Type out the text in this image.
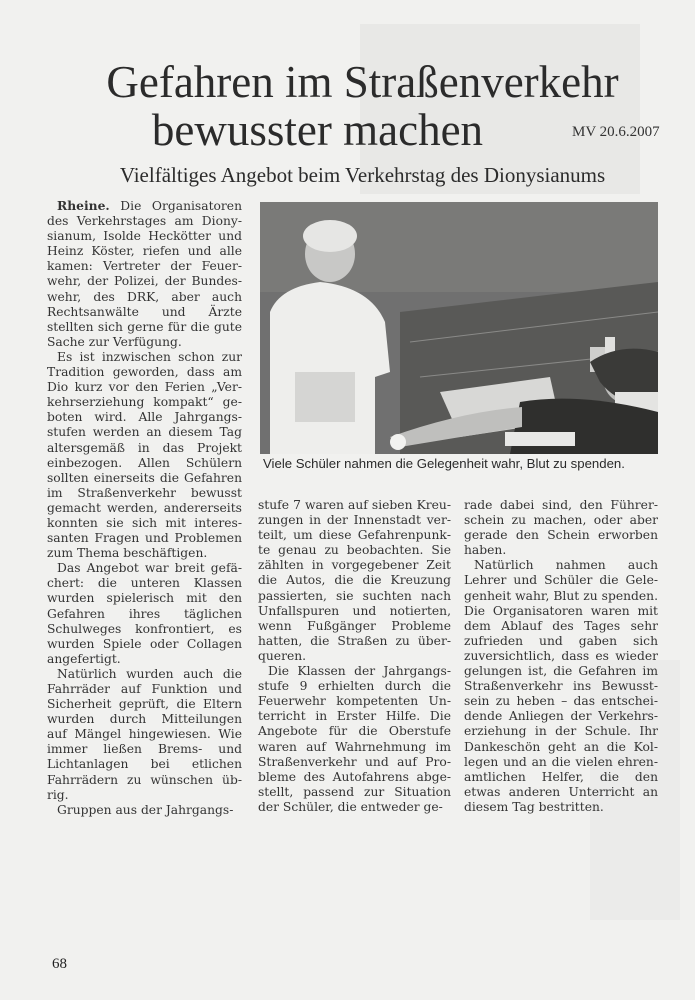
Gefahren im Straßenverkehr
bewusster machen	MV 20.6.2007
Vielfältiges Angebot beim Verkehrstag des Dionysianums

Rheine. Die Organisatoren des Verkehrstages am Dionysianum, Isolde Heckötter und Heinz Köster, riefen und alle kamen: Vertreter der Feuerwehr, der Polizei, der Bundeswehr, des DRK, aber auch Rechtsanwälte und Ärzte stellten sich gerne für die gute Sache zur Verfügung.

Es ist inzwischen schon zur Tradition geworden, dass am Dio kurz vor den Ferien „Verkehrserziehung kompakt“ geboten wird. Alle Jahrgangsstufen werden an diesem Tag altersgemäß in das Projekt einbezogen. Allen Schülern sollten einerseits die Gefahren im Straßenverkehr bewusst gemacht werden, andererseits konnten sie sich mit interessanten Fragen und Problemen zum Thema beschäftigen.

Das Angebot war breit gefächert: die unteren Klassen wurden spielerisch mit den Gefahren ihres täglichen Schulweges konfrontiert, es wurden Spiele oder Collagen angefertigt.

Natürlich wurden auch die Fahrräder auf Funktion und Sicherheit geprüft, die Eltern wurden durch Mitteilungen auf Mängel hingewiesen. Wie immer ließen Brems- und Lichtanlagen bei etlichen Fahrrädern zu wünschen übrig.

Gruppen aus der Jahrgangs-

Viele Schüler nahmen die Gelegenheit wahr, Blut zu spenden.

stufe 7 waren auf sieben Kreuzungen in der Innenstadt verteilt, um diese Gefahrenpunkte genau zu beobachten. Sie zählten in vorgegebener Zeit die Autos, die die Kreuzung passierten, sie suchten nach Unfallspuren und notierten, wenn Fußgänger Probleme hatten, die Straßen zu überqueren.

Die Klassen der Jahrgangsstufe 9 erhielten durch die Feuerwehr kompetenten Unterricht in Erster Hilfe. Die Angebote für die Oberstufe waren auf Wahrnehmung im Straßenverkehr und auf Probleme des Autofahrens abgestellt, passend zur Situation der Schüler, die entweder ge-

rade dabei sind, den Führerschein zu machen, oder aber gerade den Schein erworben haben.

Natürlich nahmen auch Lehrer und Schüler die Gelegenheit wahr, Blut zu spenden. Die Organisatoren waren mit dem Ablauf des Tages sehr zufrieden und gaben sich zuversichtlich, dass es wieder gelungen ist, die Gefahren im Straßenverkehr ins Bewusstsein zu heben – das entscheidende Anliegen der Verkehrserziehung in der Schule. Ihr Dankeschön geht an die Kollegen und an die vielen ehrenamtlichen Helfer, die den etwas anderen Unterricht an diesem Tag bestritten.

68
